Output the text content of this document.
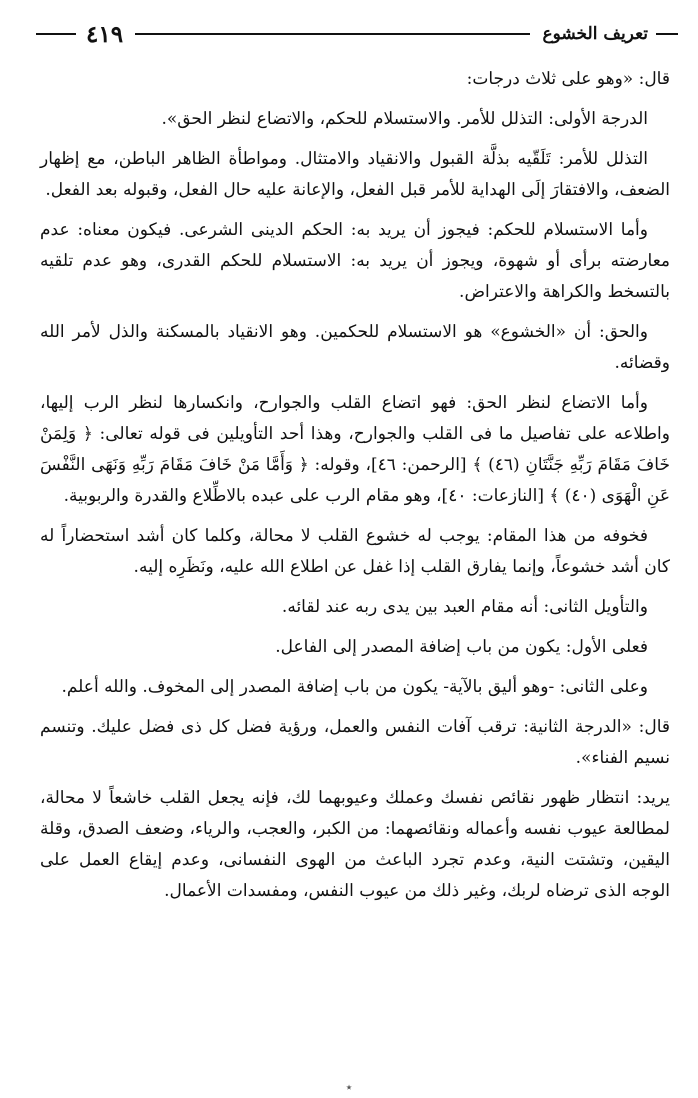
تعريف الخشوع
٤١٩

قال: «وهو على ثلاث درجات:

الدرجة الأولى: التذلل للأمر. والاستسلام للحكم، والاتضاع لنظر الحق».

التذلل للأمر: تَلَقّيه بذلَّة القبول والانقياد والامتثال. ومواطأة الظاهر الباطن، مع إظهار الضعف، والافتقارَ إلَى الهداية للأمر قبل الفعل، والإعانة عليه حال الفعل، وقبوله بعد الفعل.

وأما الاستسلام للحكم: فيجوز أن يريد به: الحكم الدينى الشرعى. فيكون معناه: عدم معارضته برأى أو شهوة، ويجوز أن يريد به: الاستسلام للحكم القدرى، وهو عدم تلقيه بالتسخط والكراهة والاعتراض.

والحق: أن «الخشوع» هو الاستسلام للحكمين. وهو الانقياد بالمسكنة والذل لأمر الله وقضائه.

وأما الاتضاع لنظر الحق: فهو اتضاع القلب والجوارح، وانكسارها لنظر الرب إليها، واطلاعه على تفاصيل ما فى القلب والجوارح، وهذا أحد التأويلين فى قوله تعالى: ﴿ وَلِمَنْ خَافَ مَقَامَ رَبِّهِ جَنَّتَانِ (٤٦) ﴾ [الرحمن: ٤٦]، وقوله: ﴿ وَأَمَّا مَنْ خَافَ مَقَامَ رَبِّهِ وَنَهَى النَّفْسَ عَنِ الْهَوَى (٤٠) ﴾ [النازعات: ٤٠]، وهو مقام الرب على عبده بالاطِّلاع والقدرة والربوبية.

فخوفه من هذا المقام: يوجب له خشوع القلب لا محالة، وكلما كان أشد استحضاراً له كان أشد خشوعاً، وإنما يفارق القلب إذا غفل عن اطلاع الله عليه، ونَظَرِه إليه.

والتأويل الثانى: أنه مقام العبد بين يدى ربه عند لقائه.

فعلى الأول: يكون من باب إضافة المصدر إلى الفاعل.

وعلى الثانى: -وهو أليق بالآية- يكون من باب إضافة المصدر إلى المخوف. والله أعلم.

قال: «الدرجة الثانية: ترقب آفات النفس والعمل، ورؤية فضل كل ذى فضل عليك. وتنسم نسيم الفناء».

يريد: انتظار ظهور نقائص نفسك وعملك وعيوبهما لك، فإنه يجعل القلب خاشعاً لا محالة، لمطالعة عيوب نفسه وأعماله ونقائصهما: من الكبر، والعجب، والرياء، وضعف الصدق، وقلة اليقين، وتشتت النية، وعدم تجرد الباعث من الهوى النفسانى، وعدم إيقاع العمل على الوجه الذى ترضاه لربك، وغير ذلك من عيوب النفس، ومفسدات الأعمال.

٭
